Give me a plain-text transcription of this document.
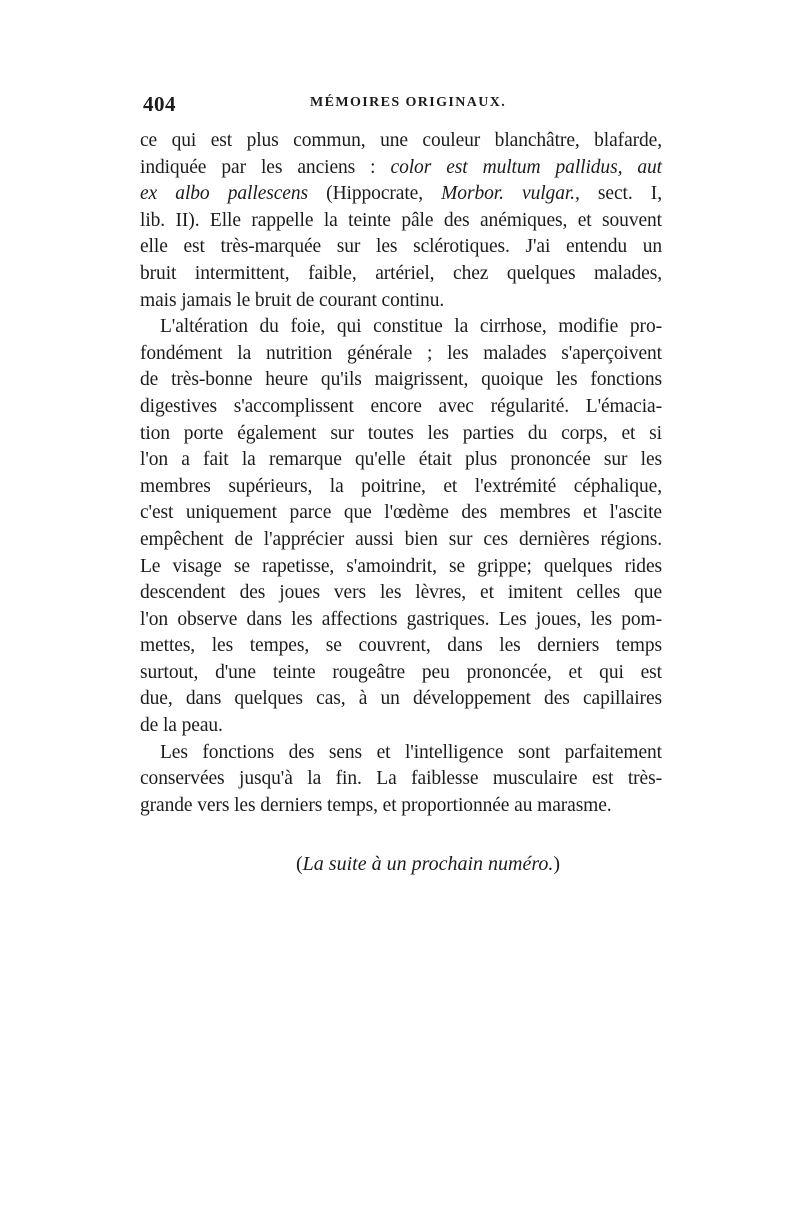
404	MÉMOIRES ORIGINAUX.
ce qui est plus commun, une couleur blanchâtre, blafarde,
indiquée par les anciens : color est multum pallidus, aut
ex albo pallescens (Hippocrate, Morbor. vulgar., sect. I,
lib. II). Elle rappelle la teinte pâle des anémiques, et souvent
elle est très-marquée sur les sclérotiques. J'ai entendu un
bruit intermittent, faible, artériel, chez quelques malades,
mais jamais le bruit de courant continu.
L'altération du foie, qui constitue la cirrhose, modifie pro-
fondément la nutrition générale ; les malades s'aperçoivent
de très-bonne heure qu'ils maigrissent, quoique les fonctions
digestives s'accomplissent encore avec régularité. L'émacia-
tion porte également sur toutes les parties du corps, et si
l'on a fait la remarque qu'elle était plus prononcée sur les
membres supérieurs, la poitrine, et l'extrémité céphalique,
c'est uniquement parce que l'œdème des membres et l'ascite
empêchent de l'apprécier aussi bien sur ces dernières régions.
Le visage se rapetisse, s'amoindrit, se grippe; quelques rides
descendent des joues vers les lèvres, et imitent celles que
l'on observe dans les affections gastriques. Les joues, les pom-
mettes, les tempes, se couvrent, dans les derniers temps
surtout, d'une teinte rougeâtre peu prononcée, et qui est
due, dans quelques cas, à un développement des capillaires
de la peau.
Les fonctions des sens et l'intelligence sont parfaitement
conservées jusqu'à la fin. La faiblesse musculaire est très-
grande vers les derniers temps, et proportionnée au marasme.
(La suite à un prochain numéro.)
